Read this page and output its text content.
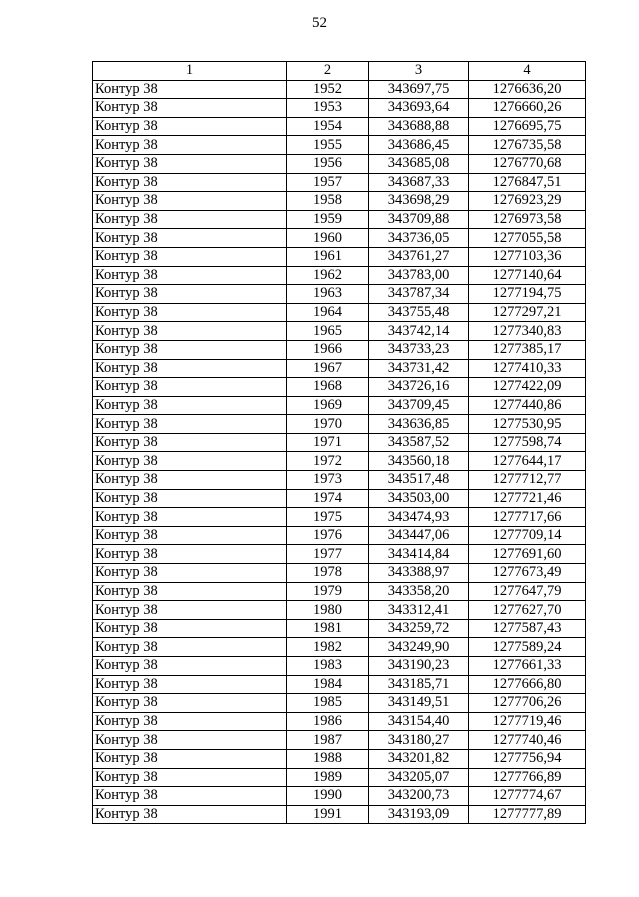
52
1	2	3	4
Контур 38	1952	343697,75	1276636,20
Контур 38	1953	343693,64	1276660,26
Контур 38	1954	343688,88	1276695,75
Контур 38	1955	343686,45	1276735,58
Контур 38	1956	343685,08	1276770,68
Контур 38	1957	343687,33	1276847,51
Контур 38	1958	343698,29	1276923,29
Контур 38	1959	343709,88	1276973,58
Контур 38	1960	343736,05	1277055,58
Контур 38	1961	343761,27	1277103,36
Контур 38	1962	343783,00	1277140,64
Контур 38	1963	343787,34	1277194,75
Контур 38	1964	343755,48	1277297,21
Контур 38	1965	343742,14	1277340,83
Контур 38	1966	343733,23	1277385,17
Контур 38	1967	343731,42	1277410,33
Контур 38	1968	343726,16	1277422,09
Контур 38	1969	343709,45	1277440,86
Контур 38	1970	343636,85	1277530,95
Контур 38	1971	343587,52	1277598,74
Контур 38	1972	343560,18	1277644,17
Контур 38	1973	343517,48	1277712,77
Контур 38	1974	343503,00	1277721,46
Контур 38	1975	343474,93	1277717,66
Контур 38	1976	343447,06	1277709,14
Контур 38	1977	343414,84	1277691,60
Контур 38	1978	343388,97	1277673,49
Контур 38	1979	343358,20	1277647,79
Контур 38	1980	343312,41	1277627,70
Контур 38	1981	343259,72	1277587,43
Контур 38	1982	343249,90	1277589,24
Контур 38	1983	343190,23	1277661,33
Контур 38	1984	343185,71	1277666,80
Контур 38	1985	343149,51	1277706,26
Контур 38	1986	343154,40	1277719,46
Контур 38	1987	343180,27	1277740,46
Контур 38	1988	343201,82	1277756,94
Контур 38	1989	343205,07	1277766,89
Контур 38	1990	343200,73	1277774,67
Контур 38	1991	343193,09	1277777,89
